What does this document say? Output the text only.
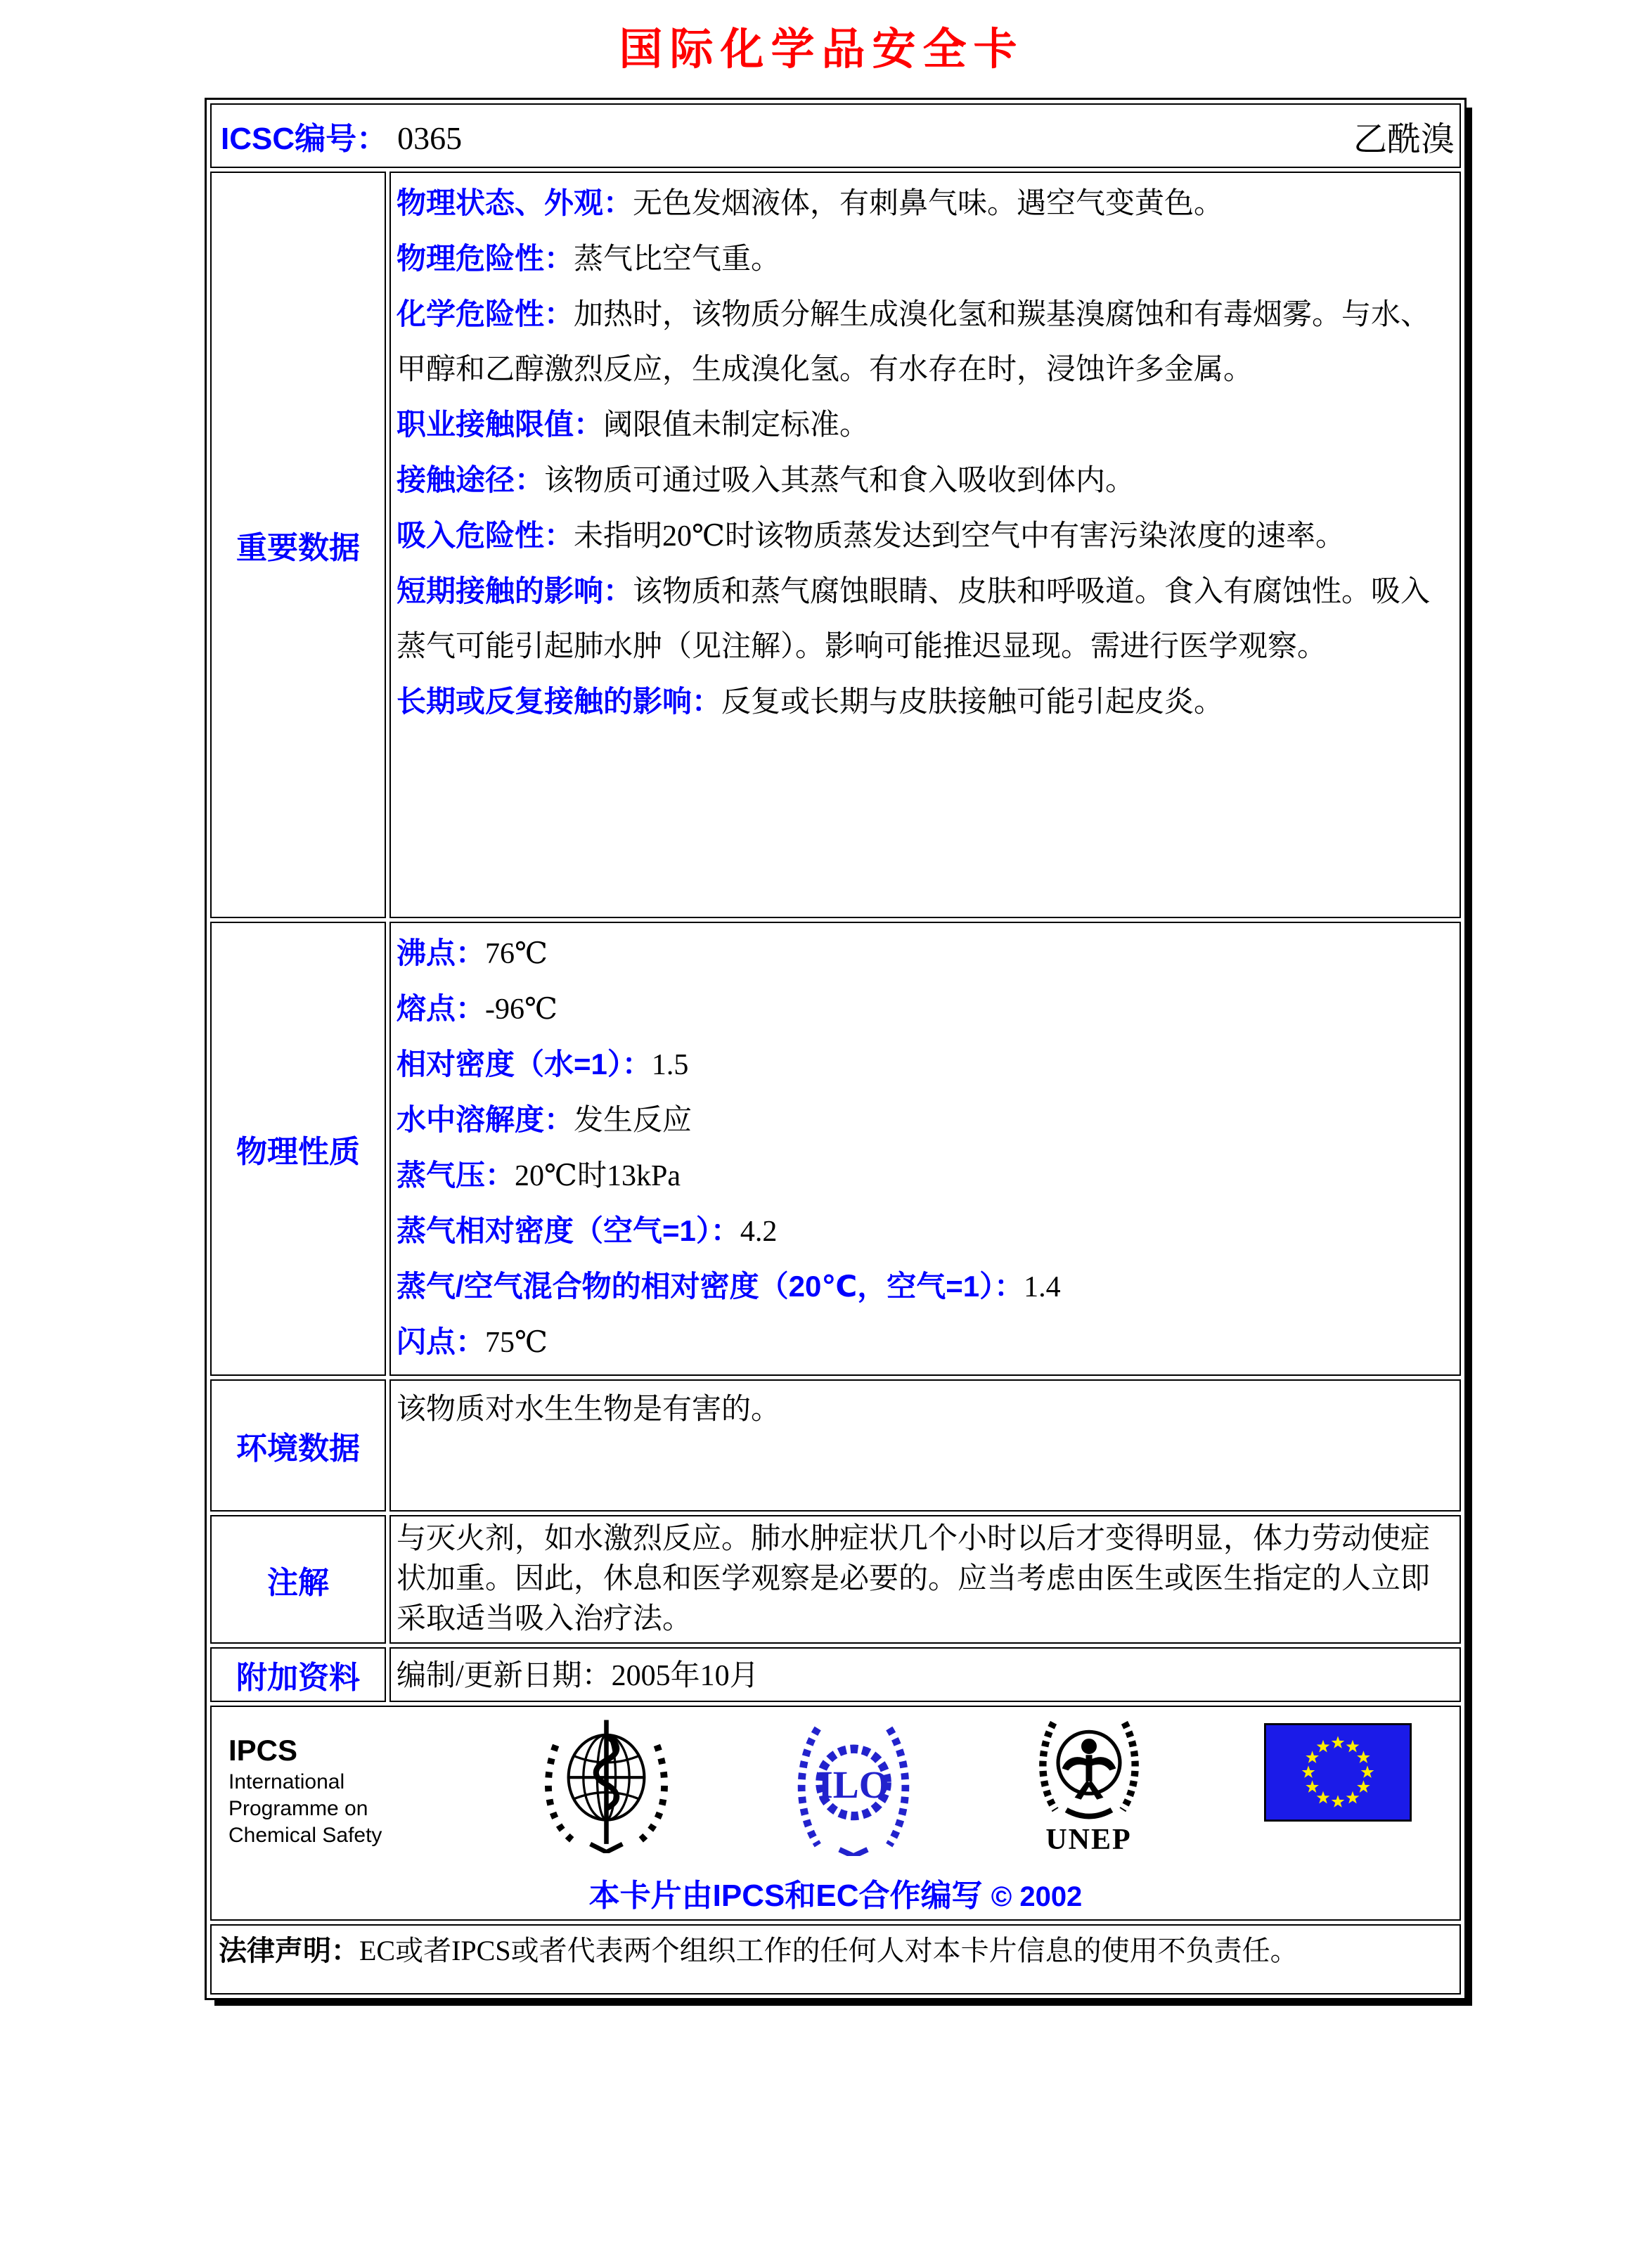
国际化学品安全卡
ICSC编号： 0365 乙酰溴	

重要数据	
物理状态、外观：无色发烟液体，有刺鼻气味。遇空气变黄色。
物理危险性：蒸气比空气重。
化学危险性：加热时，该物质分解生成溴化氢和羰基溴腐蚀和有毒烟雾。与水、甲醇和乙醇激烈反应，生成溴化氢。有水存在时，浸蚀许多金属。
职业接触限值：阈限值未制定标准。
接触途径：该物质可通过吸入其蒸气和食入吸收到体内。
吸入危险性：未指明20℃时该物质蒸发达到空气中有害污染浓度的速率。
短期接触的影响：该物质和蒸气腐蚀眼睛、皮肤和呼吸道。食入有腐蚀性。吸入蒸气可能引起肺水肿（见注解）。影响可能推迟显现。需进行医学观察。
长期或反复接触的影响：反复或长期与皮肤接触可能引起皮炎。

物理性质	
沸点：76℃
熔点：-96℃
相对密度（水=1）：1.5
水中溶解度：发生反应
蒸气压：20℃时13kPa
蒸气相对密度（空气=1）：4.2
蒸气/空气混合物的相对密度（20℃，空气=1）：1.4
闪点：75℃

环境数据	该物质对水生生物是有害的。

注解	与灭火剂，如水激烈反应。肺水肿症状几个小时以后才变得明显，体力劳动使症状加重。因此，休息和医学观察是必要的。应当考虑由医生或医生指定的人立即采取适当吸入治疗法。

附加资料	编制/更新日期：2005年10月

IPCS
International
Programme on
Chemical Safety
ILO
UNEP
本卡片由IPCS和EC合作编写 © 2002

法律声明：EC或者IPCS或者代表两个组织工作的任何人对本卡片信息的使用不负责任。	
